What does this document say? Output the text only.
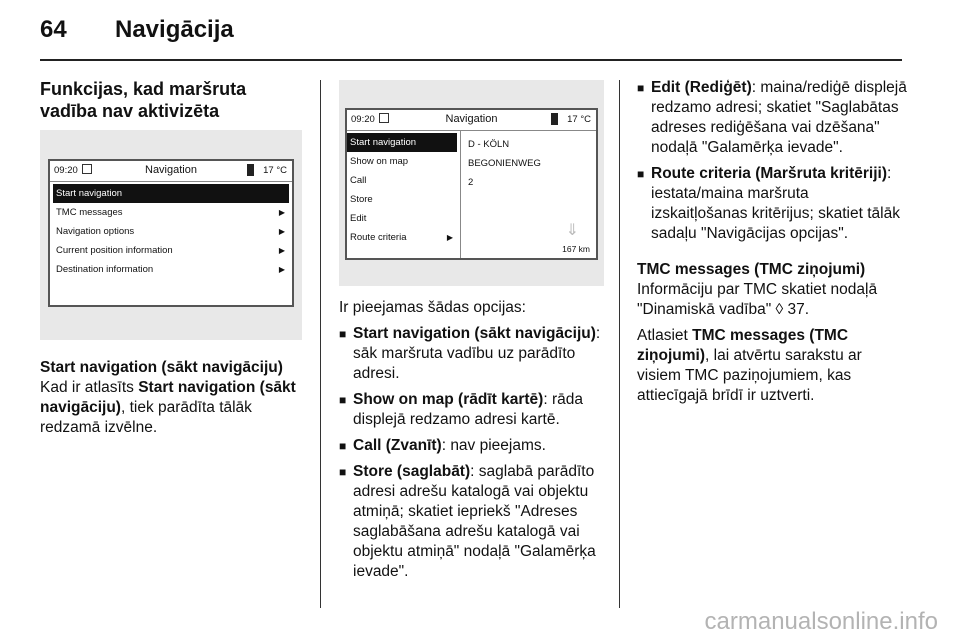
64 Navigācija
Funkcijas, kad maršruta vadība nav aktivizēta
09:20	Navigation	17 °C
Start navigation
TMC messages	▶
Navigation options	▶
Current position information	▶
Destination information	▶

Start navigation (sākt navigāciju)

Kad ir atlasīts Start navigation (sākt navigāciju), tiek parādīta tālāk redzamā izvēlne.

09:20	Navigation	17 °C
Start navigation
Show on map
Call
Store
Edit
Route criteria	▶
D - KÖLN
BEGONIENWEG
2
⇓
167 km

Ir pieejamas šādas opcijas:

■ Start navigation (sākt navigāciju): sāk maršruta vadību uz parādīto adresi.
■ Show on map (rādīt kartē): rāda displejā redzamo adresi kartē.
■ Call (Zvanīt): nav pieejams.
■ Store (saglabāt): saglabā parādīto adresi adrešu katalogā vai objektu atmiņā; skatiet iepriekš "Adreses saglabāšana adrešu katalogā vai objektu atmiņā" nodaļā "Galamērķa ievade".
■ Edit (Rediģēt): maina/rediģē displejā redzamo adresi; skatiet "Saglabātas adreses rediģēšana vai dzēšana" nodaļā "Galamērķa ievade".
■ Route criteria (Maršruta kritēriji): iestata/maina maršruta izskaitļošanas kritērijus; skatiet tālāk sadaļu "Navigācijas opcijas".

TMC messages (TMC ziņojumi)

Informāciju par TMC skatiet nodaļā "Dinamiskā vadība" ◊ 37.

Atlasiet TMC messages (TMC ziņojumi), lai atvērtu sarakstu ar visiem TMC paziņojumiem, kas attiecīgajā brīdī ir uztverti.

carmanualsonline.info
